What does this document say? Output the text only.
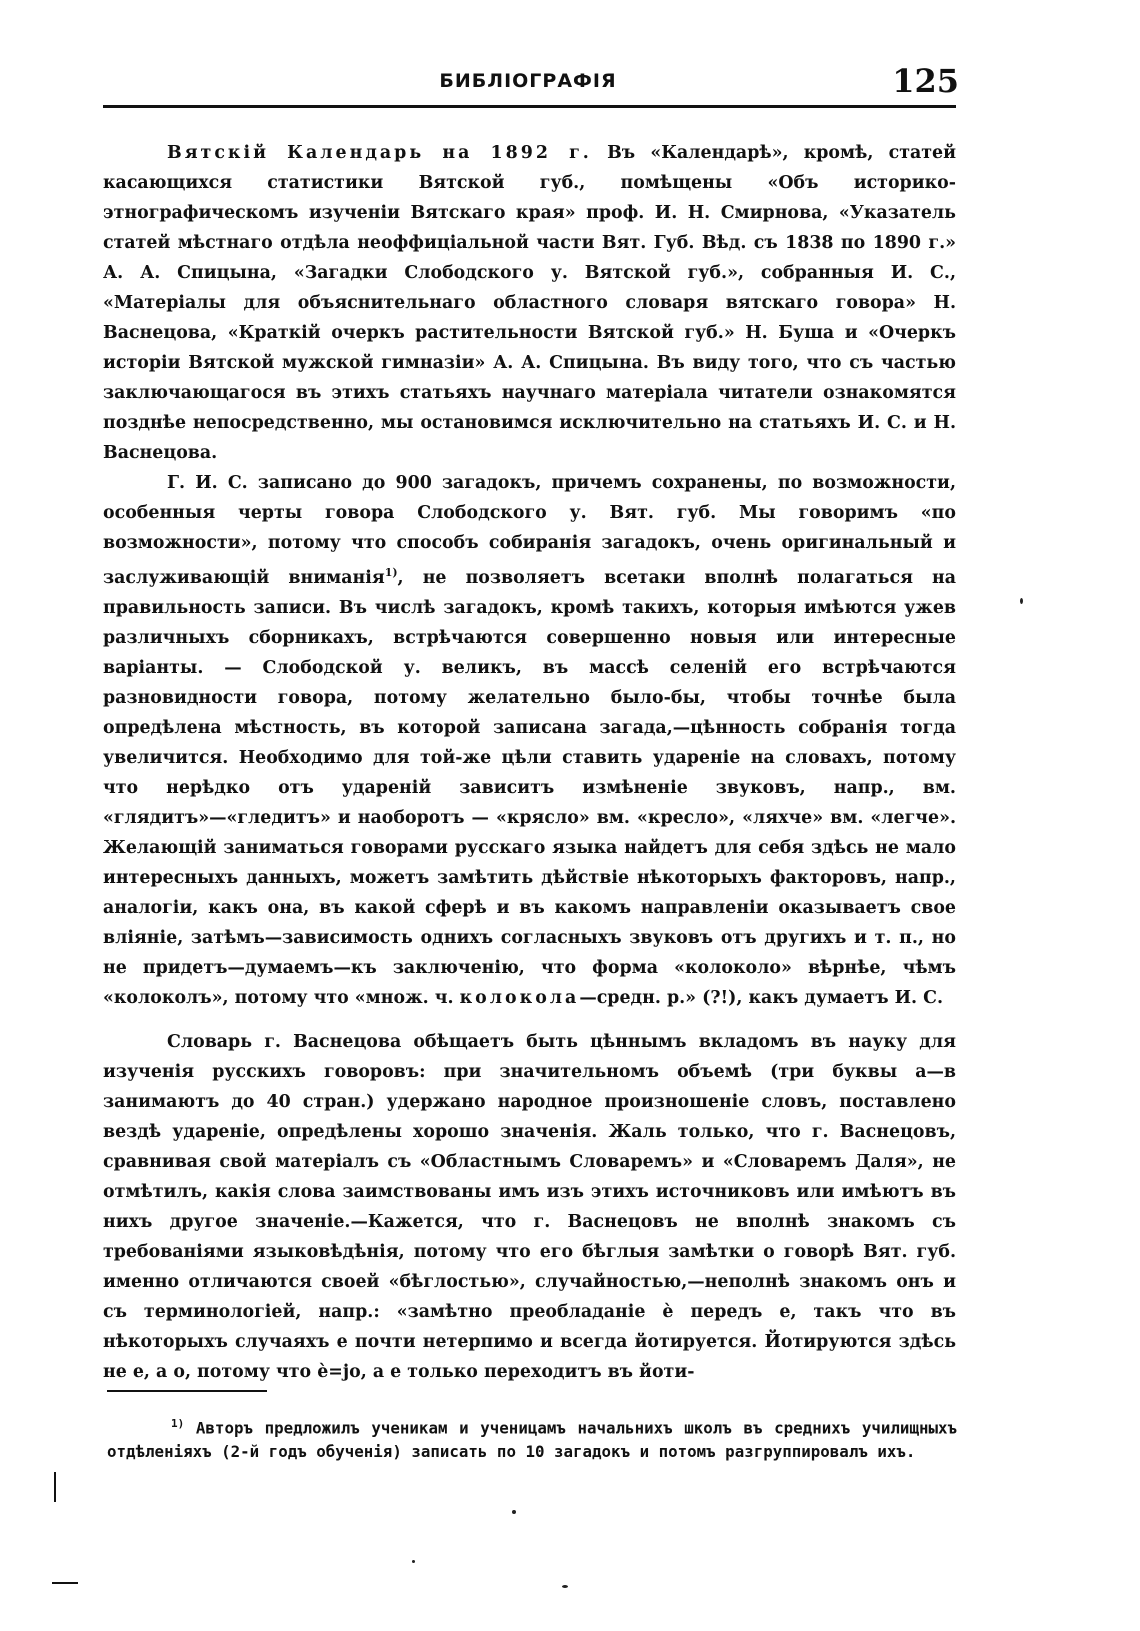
БИБЛIОГРАФIЯ	125

Вятскiй Календарь на 1892 г. Въ «Календарѣ», кромѣ, статей касающихся статистики Вятской губ., помѣщены «Объ историко-этнографическомъ изученiи Вятскаго края» проф. И. Н. Смирнова, «Указатель статей мѣстнаго отдѣла неоффицiальной части Вят. Губ. Вѣд. съ 1838 по 1890 г.» А. А. Спицына, «Загадки Слободского у. Вятской губ.», собранныя И. С., «Матерiалы для объяснительнаго областного словаря вятскаго говора» Н. Васнецова, «Краткiй очеркъ растительности Вятской губ.» Н. Буша и «Очеркъ исторiи Вятской мужской гимназiи» А. А. Спицына. Въ виду того, что съ частью заключающагося въ этихъ статьяхъ научнаго матерiала читатели ознакомятся позднѣе непосредственно, мы остановимся исключительно на статьяхъ И. С. и Н. Васнецова.

Г. И. С. записано до 900 загадокъ, причемъ сохранены, по возможности, особенныя черты говора Слободского у. Вят. губ. Мы говоримъ «по возможности», потому что способъ собиранiя загадокъ, очень оригинальный и заслуживающiй вниманiя$^{1)}$, не позволяетъ всетаки вполнѣ полагаться на правильность записи. Въ числѣ загадокъ, кромѣ такихъ, которыя имѣются ужев различныхъ сборникахъ, встрѣчаются совершенно новыя или интересные варiанты. — Слободской у. великъ, въ массѣ селенiй его встрѣчаются разновидности говора, потому желательно было-бы, чтобы точнѣе была опредѣлена мѣстность, въ которой записана загада,—цѣнность собранiя тогда увеличится. Необходимо для той-же цѣли ставить ударенiе на словахъ, потому что нерѣдко отъ ударенiй зависитъ измѣненiе звуковъ, напр., вм. «глядитъ»—«гледитъ» и наоборотъ — «крясло» вм. «кресло», «ляхче» вм. «легче». Желающiй заниматься говорами русскаго языка найдетъ для себя здѣсь не мало интересныхъ данныхъ, можетъ замѣтить дѣйствiе нѣкоторыхъ факторовъ, напр., аналогiи, какъ она, въ какой сферѣ и въ какомъ направленiи оказываетъ свое влiянiе, затѣмъ—зависимость однихъ согласныхъ звуковъ отъ другихъ и т. п., но не придетъ—думаемъ—къ заключенiю, что форма «колоколо» вѣрнѣе, чѣмъ «колоколъ», потому что «множ. ч. колокола—средн. р.» (?!), какъ думаетъ И. С.

Словарь г. Васнецова обѣщаетъ быть цѣннымъ вкладомъ въ науку для изученiя русскихъ говоровъ: при значительномъ объемѣ (три буквы а—в занимаютъ до 40 стран.) удержано народное произношенiе словъ, поставлено вездѣ ударенiе, опредѣлены хорошо значенiя. Жаль только, что г. Васнецовъ, сравнивая свой матерiалъ съ «Областнымъ Словаремъ» и «Словаремъ Даля», не отмѣтилъ, какiя слова заимствованы имъ изъ этихъ источниковъ или имѣютъ въ нихъ другое значенiе.—Кажется, что г. Васнецовъ не вполнѣ знакомъ съ требованiями языковѣдѣнiя, потому что его бѣглыя замѣтки о говорѣ Вят. губ. именно отличаются своей «бѣглостью», случайностью,—неполнѣ знакомъ онъ и съ терминологiей, напр.: «замѣтно преобладанiе ѐ передъ е, такъ что въ нѣкоторыхъ случаяхъ е почти нетерпимо и всегда йотируется. Йотируются здѣсь не е, а о, потому что ѐ=jo, а е только переходитъ въ йоти-

$^{1)}$ Авторъ предложилъ ученикам и ученицамъ начальнихъ школъ въ среднихъ училищныхъ отдѣленiяхъ (2-й годъ обученiя) записать по 10 загадокъ и потомъ разгруппировалъ ихъ.
